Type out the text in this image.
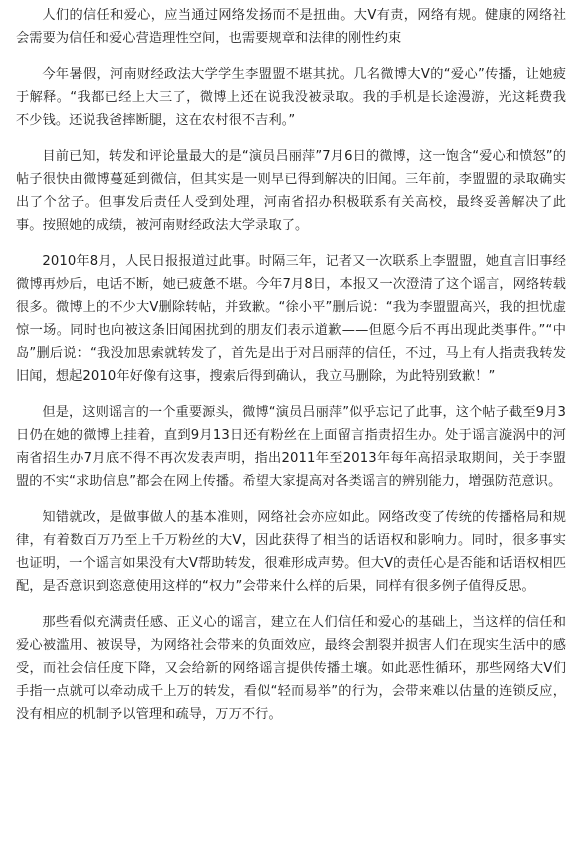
人们的信任和爱心，应当通过网络发扬而不是扭曲。大V有责，网络有规。健康的网络社会需要为信任和爱心营造理性空间，也需要规章和法律的刚性约束

今年暑假，河南财经政法大学学生李盟盟不堪其扰。几名微博大V的“爱心”传播，让她疲于解释。“我都已经上大三了，微博上还在说我没被录取。我的手机是长途漫游，光这耗费我不少钱。还说我爸摔断腿，这在农村很不吉利。”

目前已知，转发和评论量最大的是“演员吕丽萍”7月6日的微博，这一饱含“爱心和愤怒”的帖子很快由微博蔓延到微信，但其实是一则早已得到解决的旧闻。三年前，李盟盟的录取确实出了个岔子。但事发后责任人受到处理，河南省招办积极联系有关高校，最终妥善解决了此事。按照她的成绩，被河南财经政法大学录取了。

2010年8月，人民日报报道过此事。时隔三年，记者又一次联系上李盟盟，她直言旧事经微博再炒后，电话不断，她已疲惫不堪。今年7月8日，本报又一次澄清了这个谣言，网络转载很多。微博上的不少大V删除转帖，并致歉。“徐小平”删后说：“我为李盟盟高兴，我的担忧虚惊一场。同时也向被这条旧闻困扰到的朋友们表示道歉——但愿今后不再出现此类事件。”“中岛”删后说：“我没加思索就转发了，首先是出于对吕丽萍的信任，不过，马上有人指责我转发旧闻，想起2010年好像有这事，搜索后得到确认，我立马删除，为此特别致歉！”

但是，这则谣言的一个重要源头，微博“演员吕丽萍”似乎忘记了此事，这个帖子截至9月3日仍在她的微博上挂着，直到9月13日还有粉丝在上面留言指责招生办。处于谣言漩涡中的河南省招生办7月底不得不再次发表声明，指出2011年至2013年每年高招录取期间，关于李盟盟的不实“求助信息”都会在网上传播。希望大家提高对各类谣言的辨别能力，增强防范意识。

知错就改，是做事做人的基本准则，网络社会亦应如此。网络改变了传统的传播格局和规律，有着数百万乃至上千万粉丝的大V，因此获得了相当的话语权和影响力。同时，很多事实也证明，一个谣言如果没有大V帮助转发，很难形成声势。但大V的责任心是否能和话语权相匹配，是否意识到恣意使用这样的“权力”会带来什么样的后果，同样有很多例子值得反思。

那些看似充满责任感、正义心的谣言，建立在人们信任和爱心的基础上，当这样的信任和爱心被滥用、被误导，为网络社会带来的负面效应，最终会割裂并损害人们在现实生活中的感受，而社会信任度下降，又会给新的网络谣言提供传播土壤。如此恶性循环，那些网络大V们手指一点就可以牵动成千上万的转发，看似“轻而易举”的行为，会带来难以估量的连锁反应，没有相应的机制予以管理和疏导，万万不行。
